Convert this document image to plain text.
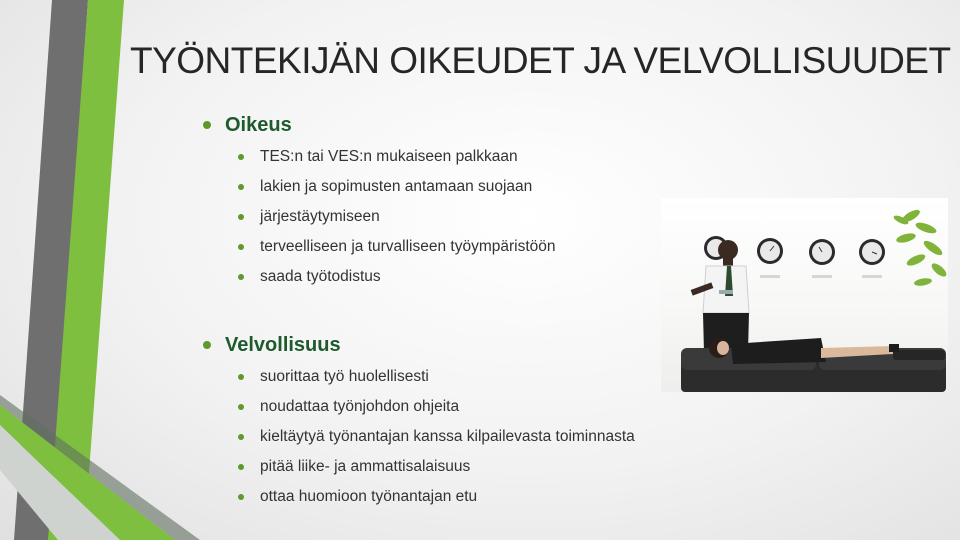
TYÖNTEKIJÄN OIKEUDET JA VELVOLLISUUDET
Oikeus
TES:n tai VES:n mukaiseen palkkaan
lakien ja sopimusten antamaan suojaan
järjestäytymiseen
terveelliseen ja turvalliseen työympäristöön
saada työtodistus
Velvollisuus
suorittaa työ huolellisesti
noudattaa työnjohdon ohjeita
kieltäytyä työnantajan kanssa kilpailevasta toiminnasta
pitää liike- ja ammattisalaisuus
ottaa huomioon työnantajan etu
